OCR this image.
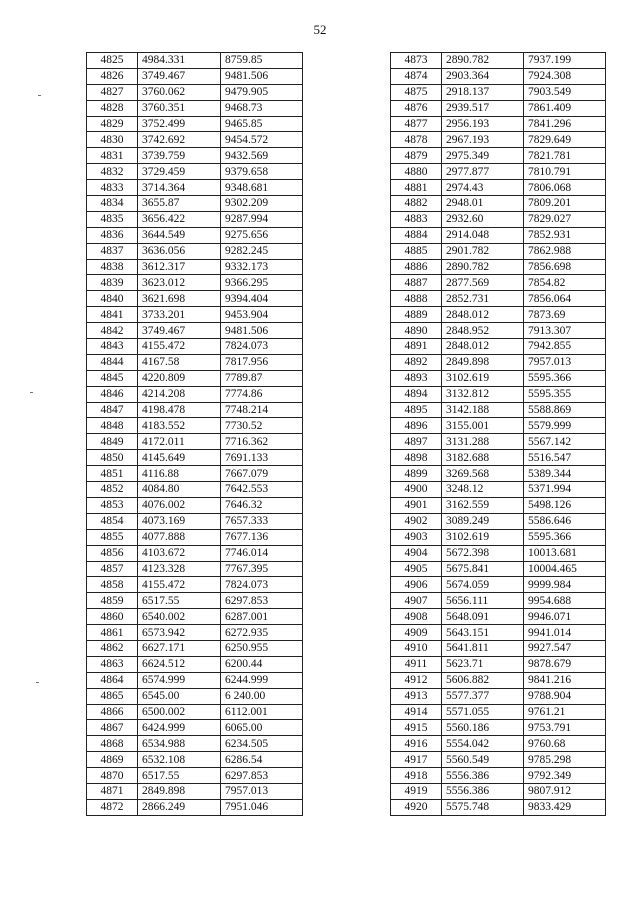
52
4825	4984.331	8759.85
4826	3749.467	9481.506
4827	3760.062	9479.905
4828	3760.351	9468.73
4829	3752.499	9465.85
4830	3742.692	9454.572
4831	3739.759	9432.569
4832	3729.459	9379.658
4833	3714.364	9348.681
4834	3655.87	9302.209
4835	3656.422	9287.994
4836	3644.549	9275.656
4837	3636.056	9282.245
4838	3612.317	9332.173
4839	3623.012	9366.295
4840	3621.698	9394.404
4841	3733.201	9453.904
4842	3749.467	9481.506
4843	4155.472	7824.073
4844	4167.58	7817.956
4845	4220.809	7789.87
4846	4214.208	7774.86
4847	4198.478	7748.214
4848	4183.552	7730.52
4849	4172.011	7716.362
4850	4145.649	7691.133
4851	4116.88	7667.079
4852	4084.80	7642.553
4853	4076.002	7646.32
4854	4073.169	7657.333
4855	4077.888	7677.136
4856	4103.672	7746.014
4857	4123.328	7767.395
4858	4155.472	7824.073
4859	6517.55	6297.853
4860	6540.002	6287.001
4861	6573.942	6272.935
4862	6627.171	6250.955
4863	6624.512	6200.44
4864	6574.999	6244.999
4865	6545.00	6 240.00
4866	6500.002	6112.001
4867	6424.999	6065.00
4868	6534.988	6234.505
4869	6532.108	6286.54
4870	6517.55	6297.853
4871	2849.898	7957.013
4872	2866.249	7951.046
4873	2890.782	7937.199
4874	2903.364	7924.308
4875	2918.137	7903.549
4876	2939.517	7861.409
4877	2956.193	7841.296
4878	2967.193	7829.649
4879	2975.349	7821.781
4880	2977.877	7810.791
4881	2974.43	7806.068
4882	2948.01	7809.201
4883	2932.60	7829.027
4884	2914.048	7852.931
4885	2901.782	7862.988
4886	2890.782	7856.698
4887	2877.569	7854.82
4888	2852.731	7856.064
4889	2848.012	7873.69
4890	2848.952	7913.307
4891	2848.012	7942.855
4892	2849.898	7957.013
4893	3102.619	5595.366
4894	3132.812	5595.355
4895	3142.188	5588.869
4896	3155.001	5579.999
4897	3131.288	5567.142
4898	3182.688	5516.547
4899	3269.568	5389.344
4900	3248.12	5371.994
4901	3162.559	5498.126
4902	3089.249	5586.646
4903	3102.619	5595.366
4904	5672.398	10013.681
4905	5675.841	10004.465
4906	5674.059	9999.984
4907	5656.111	9954.688
4908	5648.091	9946.071
4909	5643.151	9941.014
4910	5641.811	9927.547
4911	5623.71	9878.679
4912	5606.882	9841.216
4913	5577.377	9788.904
4914	5571.055	9761.21
4915	5560.186	9753.791
4916	5554.042	9760.68
4917	5560.549	9785.298
4918	5556.386	9792.349
4919	5556.386	9807.912
4920	5575.748	9833.429
